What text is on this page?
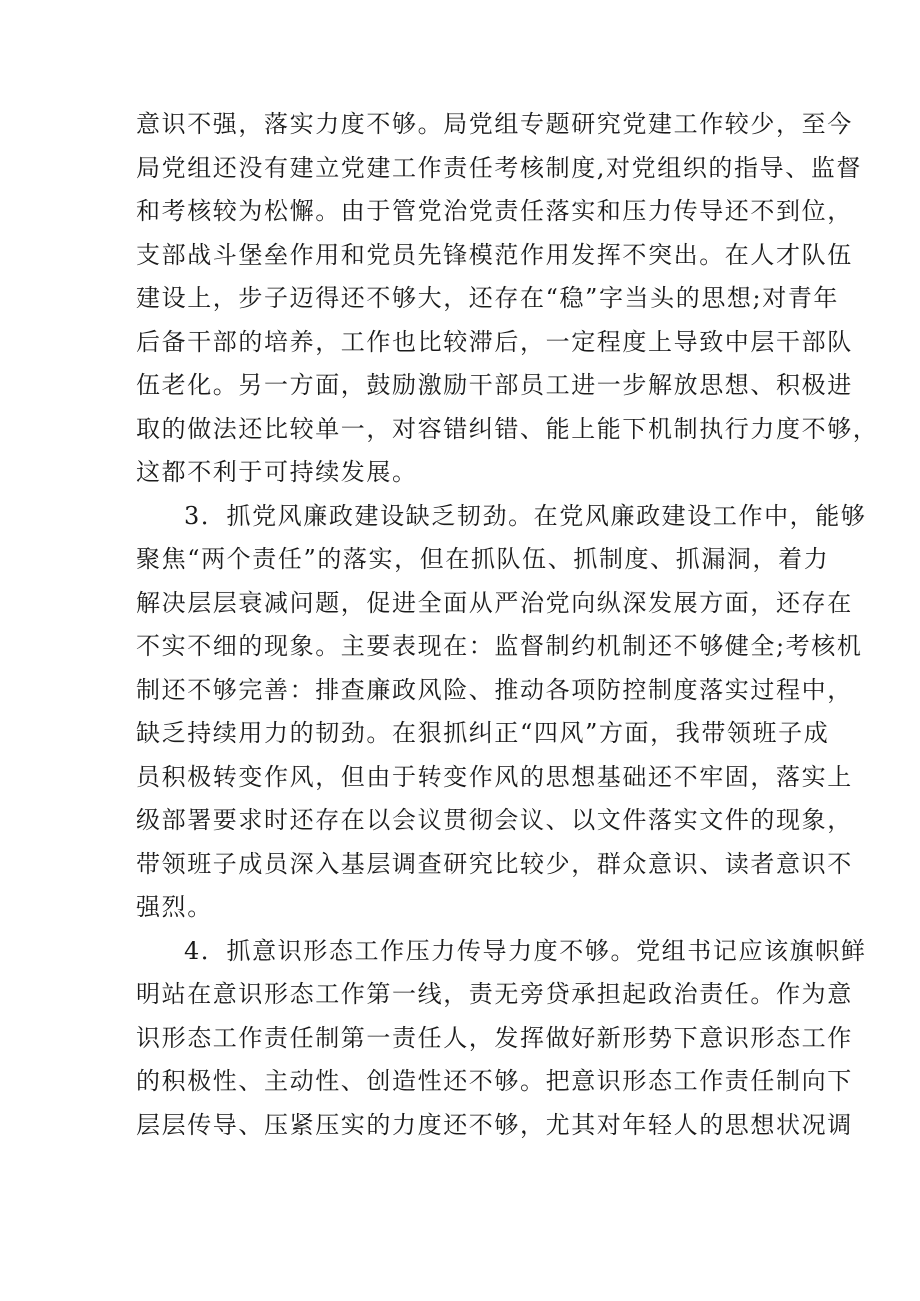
意识不强，落实力度不够。局党组专题研究党建工作较少，至今
局党组还没有建立党建工作责任考核制度,对党组织的指导、监督
和考核较为松懈。由于管党治党责任落实和压力传导还不到位，
支部战斗堡垒作用和党员先锋模范作用发挥不突出。在人才队伍
建设上，步子迈得还不够大，还存在“稳”字当头的思想;对青年
后备干部的培养，工作也比较滞后，一定程度上导致中层干部队
伍老化。另一方面，鼓励激励干部员工进一步解放思想、积极进
取的做法还比较单一，对容错纠错、能上能下机制执行力度不够，
这都不利于可持续发展。
3．抓党风廉政建设缺乏韧劲。在党风廉政建设工作中，能够
聚焦“两个责任”的落实，但在抓队伍、抓制度、抓漏洞，着力
解决层层衰减问题，促进全面从严治党向纵深发展方面，还存在
不实不细的现象。主要表现在：监督制约机制还不够健全;考核机
制还不够完善：排查廉政风险、推动各项防控制度落实过程中，
缺乏持续用力的韧劲。在狠抓纠正“四风”方面，我带领班子成
员积极转变作风，但由于转变作风的思想基础还不牢固，落实上
级部署要求时还存在以会议贯彻会议、以文件落实文件的现象，
带领班子成员深入基层调查研究比较少，群众意识、读者意识不
强烈。
4．抓意识形态工作压力传导力度不够。党组书记应该旗帜鲜
明站在意识形态工作第一线，责无旁贷承担起政治责任。作为意
识形态工作责任制第一责任人，发挥做好新形势下意识形态工作
的积极性、主动性、创造性还不够。把意识形态工作责任制向下
层层传导、压紧压实的力度还不够，尤其对年轻人的思想状况调
